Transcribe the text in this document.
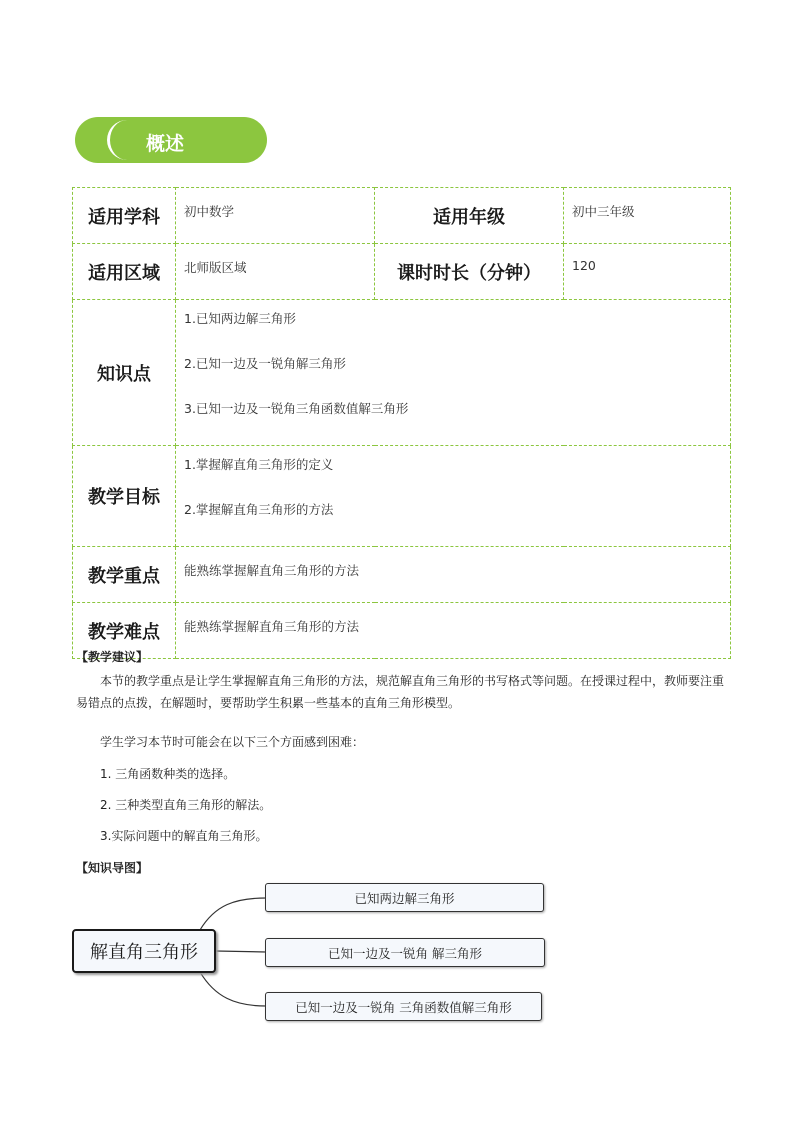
概述
适用学科	初中数学	适用年级	初中三年级
适用区域	北师版区域	课时时长（分钟）	120
知识点	1.已知两边解三角形
2.已知一边及一锐角解三角形
3.已知一边及一锐角三角函数值解三角形		

教学目标	1.掌握解直角三角形的定义
2.掌握解直角三角形的方法		

教学重点	能熟练掌握解直角三角形的方法		
教学难点	能熟练掌握解直角三角形的方法		
【教学建议】
本节的教学重点是让学生掌握解直角三角形的方法，规范解直角三角形的书写格式等问题。在授课过程中，教师要注重易错点的点拨，在解题时，要帮助学生积累一些基本的直角三角形模型。
学生学习本节时可能会在以下三个方面感到困难：
1. 三角函数种类的选择。
2. 三种类型直角三角形的解法。
3.实际问题中的解直角三角形。
【知识导图】
解直角三角形
已知两边解三角形
已知一边及一锐角 解三角形
已知一边及一锐角 三角函数值解三角形
